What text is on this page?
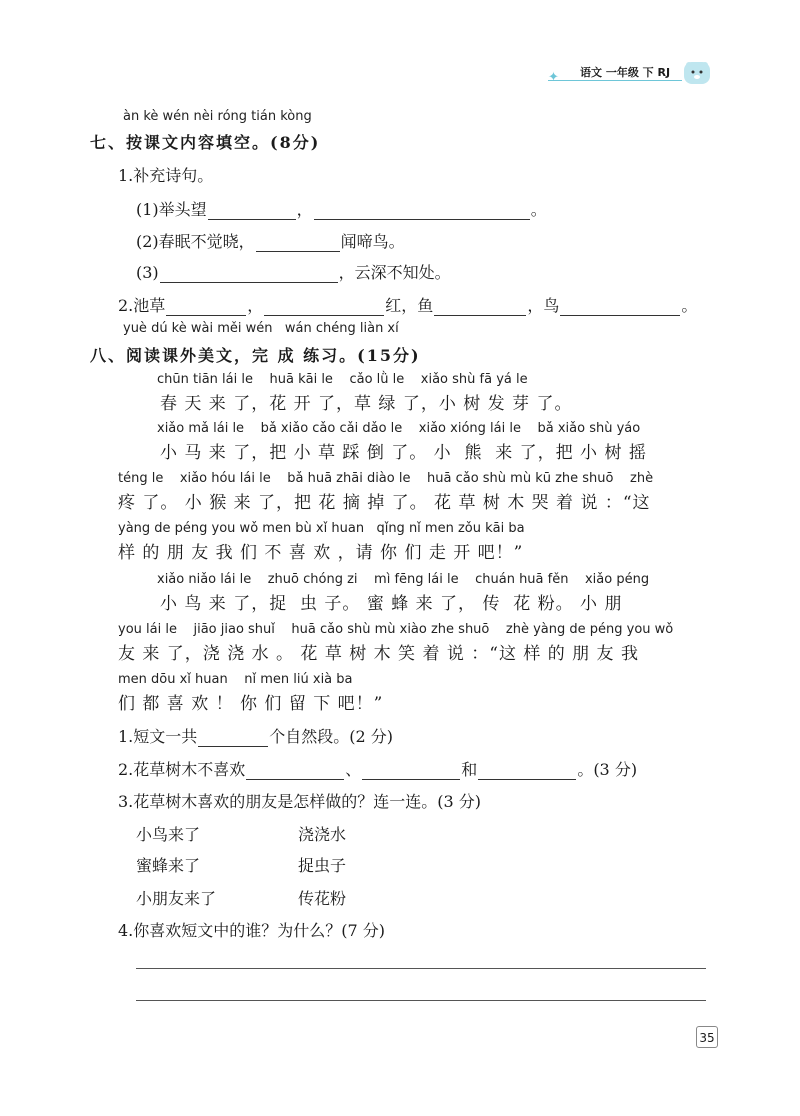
✦ 语文 一年级 下 RJ
àn kè wén nèi róng tián kòng
七、按课文内容填空。(8分)
1.补充诗句。
(1)举头望	，	。
(2)春眠不觉晓，	闻啼鸟。
(3)	，云深不知处。
2.池草	，	红，鱼	，鸟	。
yuè dú kè wài měi wén   wán chéng liàn xí
八、阅读课外美文，完 成 练习。(15分)
chūn tiān lái le    huā kāi le    cǎo lǜ le    xiǎo shù fā yá le
春 天 来 了，花 开 了，草 绿 了，小 树 发 芽 了。
xiǎo mǎ lái le    bǎ xiǎo cǎo cǎi dǎo le    xiǎo xióng lái le    bǎ xiǎo shù yáo
小 马 来 了，把 小 草 踩 倒 了。 小  熊  来 了，把 小 树 摇
téng le    xiǎo hóu lái le    bǎ huā zhāi diào le    huā cǎo shù mù kū zhe shuō    zhè
疼 了。 小 猴 来 了，把 花 摘 掉 了。 花 草 树 木 哭 着 说 ：“这
yàng de péng you wǒ men bù xǐ huan   qǐng nǐ men zǒu kāi ba
样 的 朋 友 我 们 不 喜 欢 ，请 你 们 走 开 吧！”
xiǎo niǎo lái le    zhuō chóng zi    mì fēng lái le    chuán huā fěn    xiǎo péng
小 鸟 来 了，捉  虫 子。 蜜 蜂 来 了， 传  花 粉。 小 朋
you lái le    jiāo jiao shuǐ    huā cǎo shù mù xiào zhe shuō    zhè yàng de péng you wǒ
友 来 了，浇 浇 水 。 花 草 树 木 笑 着 说 ：“这 样 的 朋 友 我
men dōu xǐ huan    nǐ men liú xià ba
们 都 喜 欢 ！ 你 们 留 下 吧！”
1.短文一共	个自然段。(2 分)
2.花草树木不喜欢	、	和	。(3 分)
3.花草树木喜欢的朋友是怎样做的？连一连。(3 分)
小鸟来了	浇浇水
蜜蜂来了	捉虫子
小朋友来了	传花粉
4.你喜欢短文中的谁？为什么？(7 分)
35
